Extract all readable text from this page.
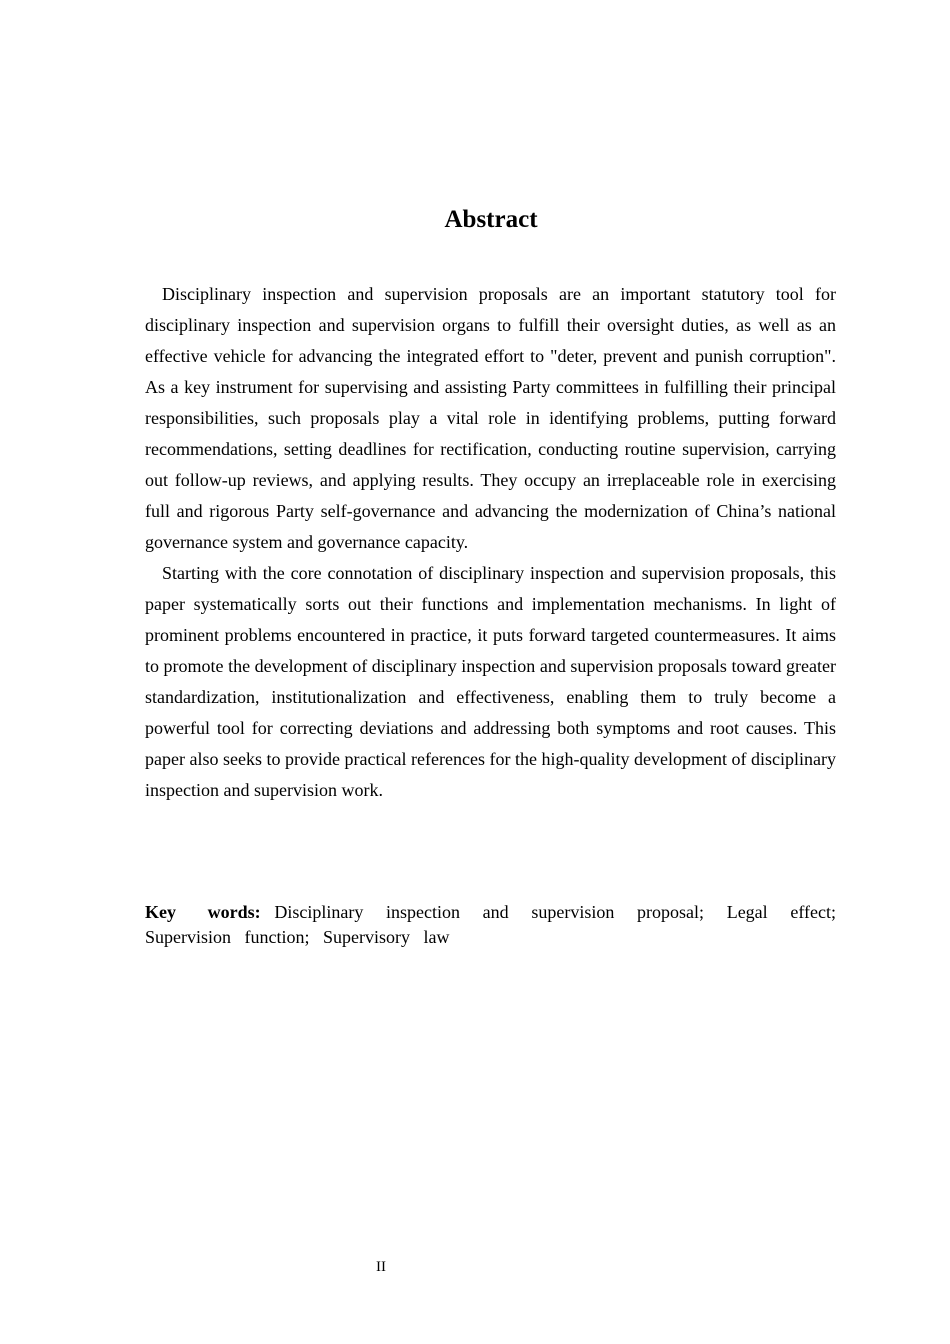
Abstract

Disciplinary inspection and supervision proposals are an important statutory tool for disciplinary inspection and supervision organs to fulfill their oversight duties, as well as an effective vehicle for advancing the integrated effort to "deter, prevent and punish corruption". As a key instrument for supervising and assisting Party committees in fulfilling their principal responsibilities, such proposals play a vital role in identifying problems, putting forward recommendations, setting deadlines for rectification, conducting routine supervision, carrying out follow-up reviews, and applying results. They occupy an irreplaceable role in exercising full and rigorous Party self-governance and advancing the modernization of China’s national governance system and governance capacity.

Starting with the core connotation of disciplinary inspection and supervision proposals, this paper systematically sorts out their functions and implementation mechanisms. In light of prominent problems encountered in practice, it puts forward targeted countermeasures. It aims to promote the development of disciplinary inspection and supervision proposals toward greater standardization, institutionalization and effectiveness, enabling them to truly become a powerful tool for correcting deviations and addressing both symptoms and root causes. This paper also seeks to provide practical references for the high-quality development of disciplinary inspection and supervision work.

Key words: Disciplinary inspection and supervision proposal; Legal effect; Supervision function; Supervisory law
II
